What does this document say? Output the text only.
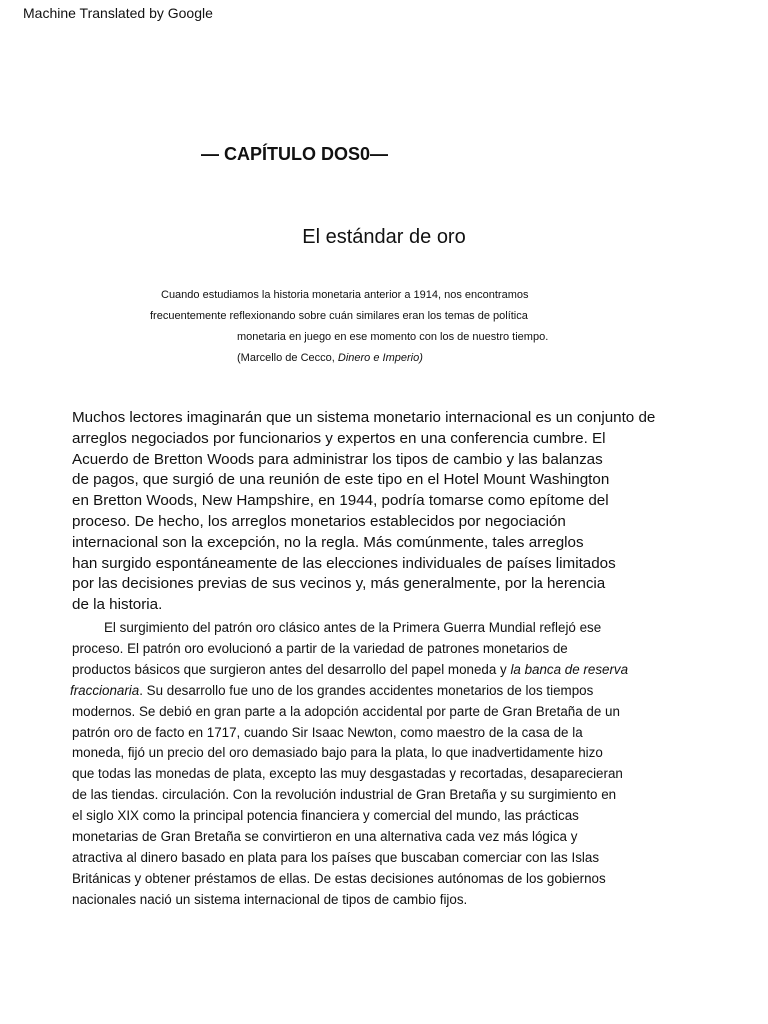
Machine Translated by Google
— CAPÍTULO DOS0—
El estándar de oro
Cuando estudiamos la historia monetaria anterior a 1914, nos encontramos
frecuentemente reflexionando sobre cuán similares eran los temas de política
monetaria en juego en ese momento con los de nuestro tiempo.
(Marcello de Cecco, Dinero e Imperio)
Muchos lectores imaginarán que un sistema monetario internacional es un conjunto de
arreglos negociados por funcionarios y expertos en una conferencia cumbre. El
Acuerdo de Bretton Woods para administrar los tipos de cambio y las balanzas
de pagos, que surgió de una reunión de este tipo en el Hotel Mount Washington
en Bretton Woods, New Hampshire, en 1944, podría tomarse como epítome del
proceso. De hecho, los arreglos monetarios establecidos por negociación
internacional son la excepción, no la regla. Más comúnmente, tales arreglos
han surgido espontáneamente de las elecciones individuales de países limitados
por las decisiones previas de sus vecinos y, más generalmente, por la herencia
de la historia.
El surgimiento del patrón oro clásico antes de la Primera Guerra Mundial reflejó ese
proceso. El patrón oro evolucionó a partir de la variedad de patrones monetarios de
productos básicos que surgieron antes del desarrollo del papel moneda y la banca de reserva
fraccionaria. Su desarrollo fue uno de los grandes accidentes monetarios de los tiempos
modernos. Se debió en gran parte a la adopción accidental por parte de Gran Bretaña de un
patrón oro de facto en 1717, cuando Sir Isaac Newton, como maestro de la casa de la
moneda, fijó un precio del oro demasiado bajo para la plata, lo que inadvertidamente hizo
que todas las monedas de plata, excepto las muy desgastadas y recortadas, desaparecieran
de las tiendas. circulación. Con la revolución industrial de Gran Bretaña y su surgimiento en
el siglo XIX como la principal potencia financiera y comercial del mundo, las prácticas
monetarias de Gran Bretaña se convirtieron en una alternativa cada vez más lógica y
atractiva al dinero basado en plata para los países que buscaban comerciar con las Islas
Británicas y obtener préstamos de ellas. De estas decisiones autónomas de los gobiernos
nacionales nació un sistema internacional de tipos de cambio fijos.
